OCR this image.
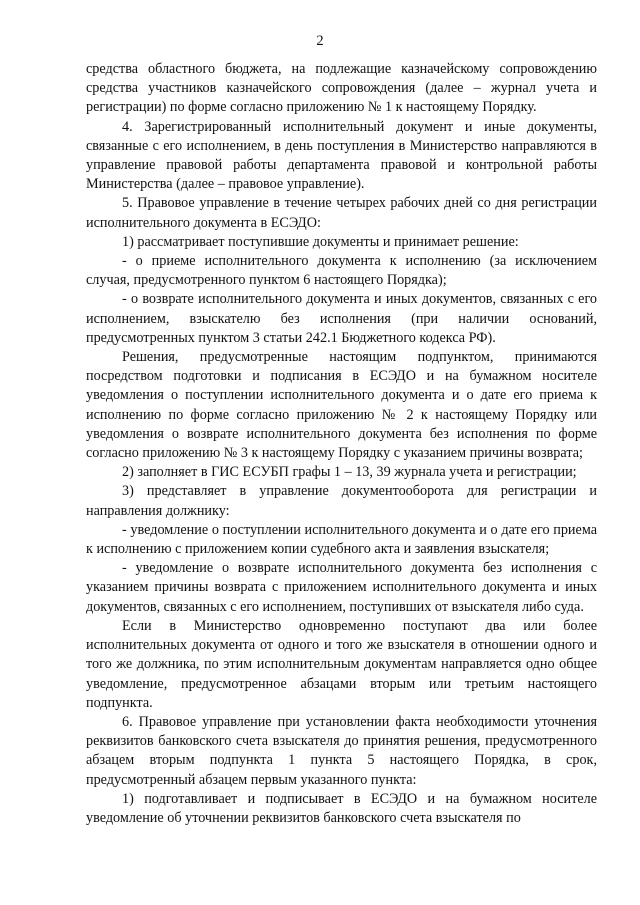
2

средства областного бюджета, на подлежащие казначейскому сопровождению средства участников казначейского сопровождения (далее – журнал учета и регистрации) по форме согласно приложению № 1 к настоящему Порядку.

4. Зарегистрированный исполнительный документ и иные документы, связанные с его исполнением, в день поступления в Министерство направляются в управление правовой работы департамента правовой и контрольной работы Министерства (далее – правовое управление).

5. Правовое управление в течение четырех рабочих дней со дня регистрации исполнительного документа в ЕСЭДО:

1) рассматривает поступившие документы и принимает решение:

- о приеме исполнительного документа к исполнению (за исключением случая, предусмотренного пунктом 6 настоящего Порядка);

- о возврате исполнительного документа и иных документов, связанных с его исполнением, взыскателю без исполнения (при наличии оснований, предусмотренных пунктом 3 статьи 242.1 Бюджетного кодекса РФ).

Решения, предусмотренные настоящим подпунктом, принимаются посредством подготовки и подписания в ЕСЭДО и на бумажном носителе уведомления о поступлении исполнительного документа и о дате его приема к исполнению по форме согласно приложению № 2 к настоящему Порядку или уведомления о возврате исполнительного документа без исполнения по форме согласно приложению № 3 к настоящему Порядку с указанием причины возврата;

2) заполняет в ГИС ЕСУБП графы 1 – 13, 39 журнала учета и регистрации;

3) представляет в управление документооборота для регистрации и направления должнику:

- уведомление о поступлении исполнительного документа и о дате его приема к исполнению с приложением копии судебного акта и заявления взыскателя;

- уведомление о возврате исполнительного документа без исполнения с указанием причины возврата с приложением исполнительного документа и иных документов, связанных с его исполнением, поступивших от взыскателя либо суда.

Если в Министерство одновременно поступают два или более исполнительных документа от одного и того же взыскателя в отношении одного и того же должника, по этим исполнительным документам направляется одно общее уведомление, предусмотренное абзацами вторым или третьим настоящего подпункта.

6. Правовое управление при установлении факта необходимости уточнения реквизитов банковского счета взыскателя до принятия решения, предусмотренного абзацем вторым подпункта 1 пункта 5 настоящего Порядка, в срок, предусмотренный абзацем первым указанного пункта:

1) подготавливает и подписывает в ЕСЭДО и на бумажном носителе уведомление об уточнении реквизитов банковского счета взыскателя по
